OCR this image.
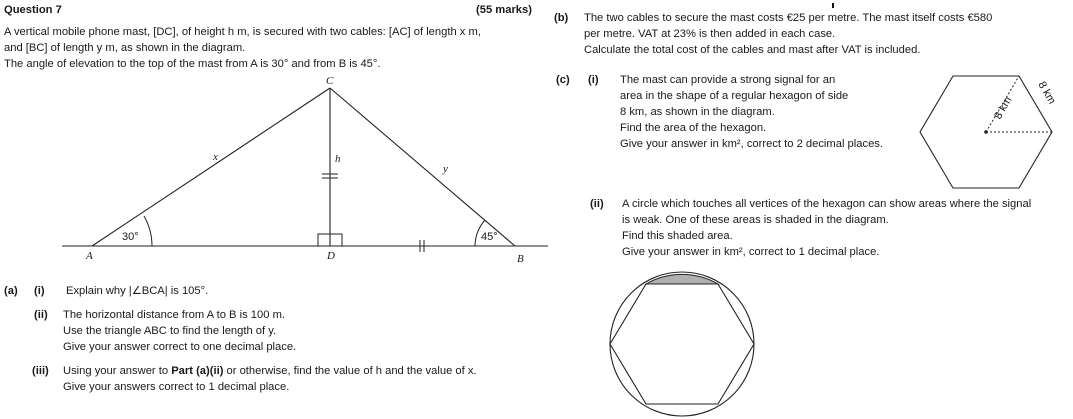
Question 7	(55 marks)
A vertical mobile phone mast, [DC], of height h m, is secured with two cables: [AC] of length x m,
and [BC] of length y m, as shown in the diagram.
The angle of elevation to the top of the mast from A is 30° and from B is 45°.
A	B
C
D
x
y
h
30°	45°
(a) (i) Explain why |∠BCA| is 105°.
(ii) The horizontal distance from A to B is 100 m.
Use the triangle ABC to find the length of y.
Give your answer correct to one decimal place.
(iii) Using your answer to Part (a)(ii) or otherwise, find the value of h and the value of x.
Give your answers correct to 1 decimal place.
(b) The two cables to secure the mast costs €25 per metre. The mast itself costs €580
per metre. VAT at 23% is then added in each case.
Calculate the total cost of the cables and mast after VAT is included.
(c) (i) The mast can provide a strong signal for an
area in the shape of a regular hexagon of side
8 km, as shown in the diagram.
Find the area of the hexagon.
Give your answer in km², correct to 2 decimal places.
8 km
8 km
(ii) A circle which touches all vertices of the hexagon can show areas where the signal
is weak. One of these areas is shaded in the diagram.
Find this shaded area.
Give your answer in km², correct to 1 decimal place.
